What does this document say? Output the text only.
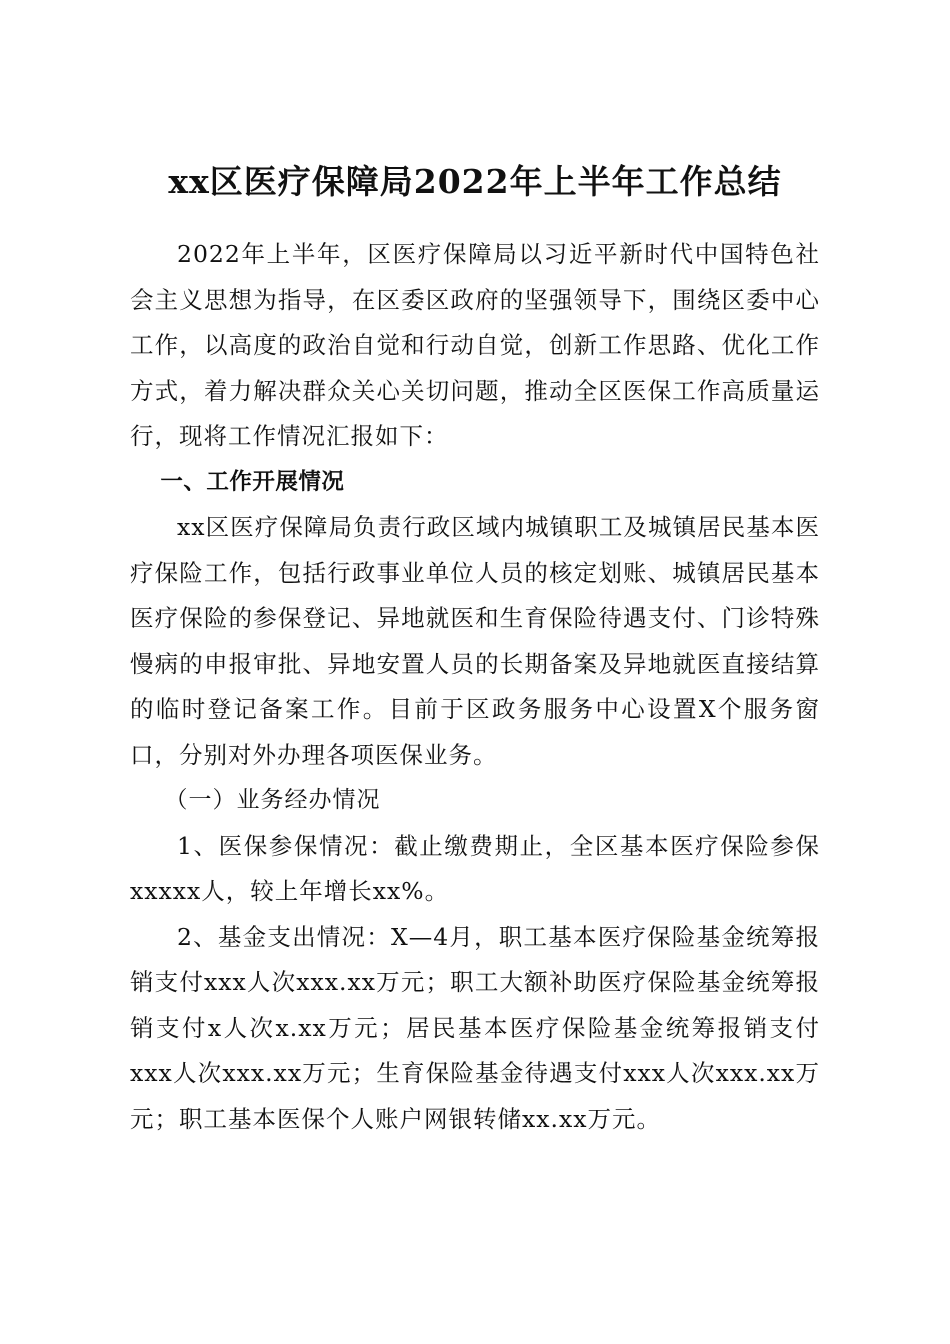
xx区医疗保障局2022年上半年工作总结

2022年上半年，区医疗保障局以习近平新时代中国特色社会主义思想为指导，在区委区政府的坚强领导下，围绕区委中心工作，以高度的政治自觉和行动自觉，创新工作思路、优化工作方式，着力解决群众关心关切问题，推动全区医保工作高质量运行，现将工作情况汇报如下：

一、工作开展情况

xx区医疗保障局负责行政区域内城镇职工及城镇居民基本医疗保险工作，包括行政事业单位人员的核定划账、城镇居民基本医疗保险的参保登记、异地就医和生育保险待遇支付、门诊特殊慢病的申报审批、异地安置人员的长期备案及异地就医直接结算的临时登记备案工作。目前于区政务服务中心设置X个服务窗口，分别对外办理各项医保业务。

（一）业务经办情况

1、医保参保情况：截止缴费期止，全区基本医疗保险参保xxxxx人，较上年增长xx%。

2、基金支出情况：X—4月，职工基本医疗保险基金统筹报销支付xxx人次xxx.xx万元；职工大额补助医疗保险基金统筹报销支付x人次x.xx万元；居民基本医疗保险基金统筹报销支付xxx人次xxx.xx万元；生育保险基金待遇支付xxx人次xxx.xx万元；职工基本医保个人账户网银转储xx.xx万元。
